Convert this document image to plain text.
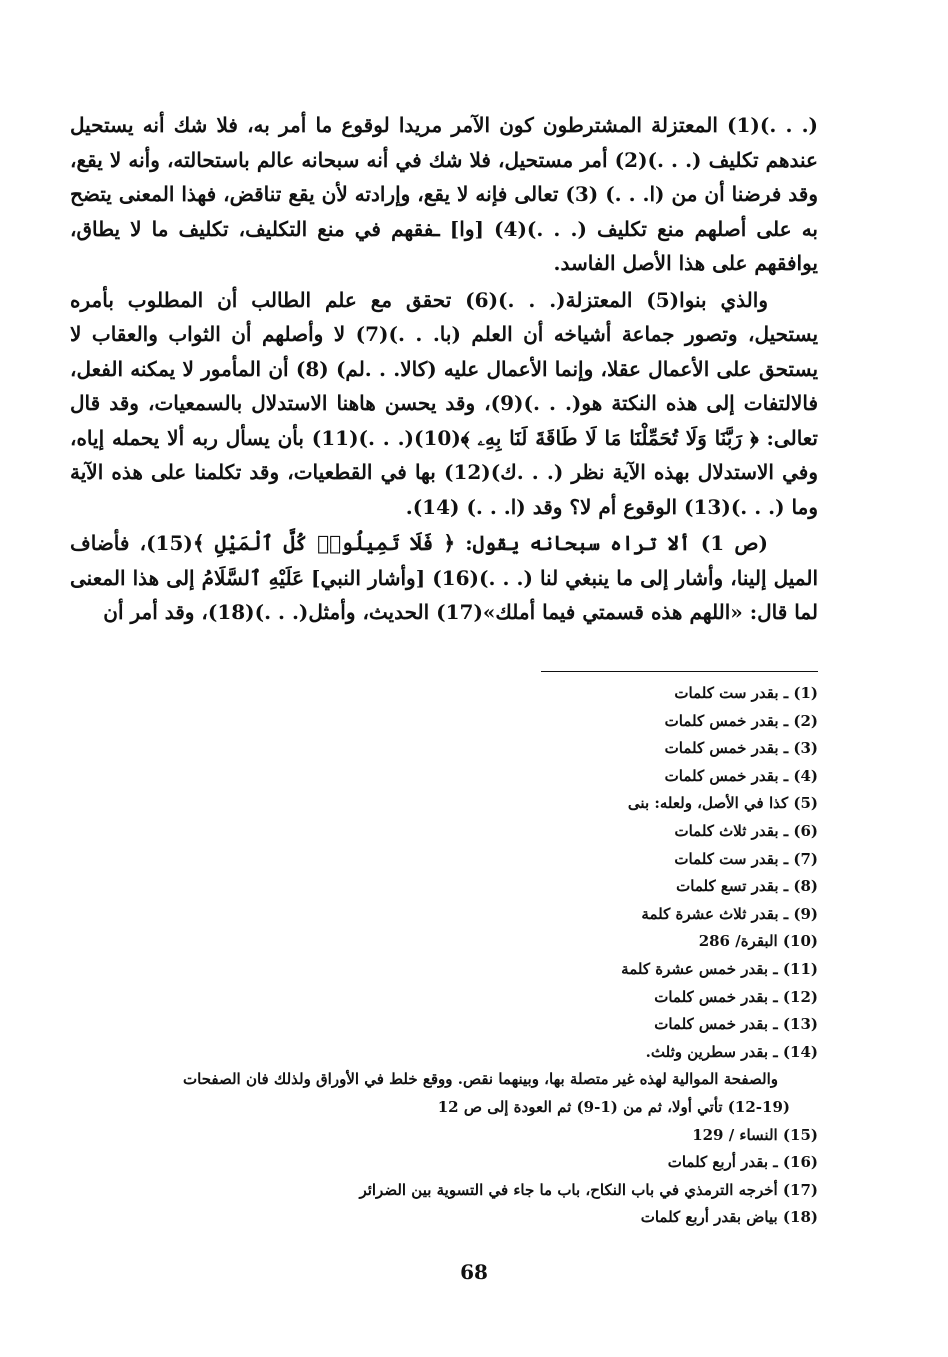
(. . .)(1) المعتزلة المشترطون كون الآمر مريدا لوقوع ما أمر به، فلا شك أنه يستحيل عندهم تكليف (. . .)(2) أمر مستحيل، فلا شك في أنه سبحانه عالم باستحالته، وأنه لا يقع، وقد فرضنا أن من (ا. . .) (3) تعالى فإنه لا يقع، وإرادته لأن يقع تناقض، فهذا المعنى يتضح به على أصلهم منع تكليف (. . .)(4) [وا] ـفقهم في منع التكليف، تكليف ما لا يطاق، يوافقهم على هذا الأصل الفاسد.

والذي بنوا(5) المعتزلة(. . .)(6) تحقق مع علم الطالب أن المطلوب بأمره يستحيل، وتصور جماعة أشياخه أن العلم (با. . .)(7) لا وأصلهم أن الثواب والعقاب لا يستحق على الأعمال عقلا، وإنما الأعمال عليه (كالا. . .لم) (8) أن المأمور لا يمكنه الفعل، فالالتفات إلى هذه النكتة هو(. . .)(9)، وقد يحسن هاهنا الاستدلال بالسمعيات، وقد قال تعالى: ﴿ رَبَّنَا وَلَا تُحَمِّلْنَا مَا لَا طَاقَةَ لَنَا بِهِۦ ﴾(10)(. . .)(11) بأن يسأل ربه ألا يحمله إياه، وفي الاستدلال بهذه الآية نظر (. . .ك)(12) بها في القطعيات، وقد تكلمنا على هذه الآية وما (. . .)(13) الوقوع أم لا؟ وقد (ا. . .) (14).

(ص 1) ألا تراه سبحانه يقول: ﴿ فَلَا تَمِيلُوا۟ كُلَّ ٱلْمَيْلِ ﴾(15)، فأضاف الميل إلينا، وأشار إلى ما ينبغي لنا (. . .)(16) [وأشار النبي] عَلَيْهِ ٱلسَّلَامُ إلى هذا المعنى لما قال: «اللهم هذه قسمتي فيما أملك»(17) الحديث، وأمثل(. . .)(18)، وقد أمر أن

(1) ـ بقدر ست كلمات
(2) ـ بقدر خمس كلمات
(3) ـ بقدر خمس كلمات
(4) ـ بقدر خمس كلمات
(5) كذا في الأصل، ولعله: بنى
(6) ـ بقدر ثلاث كلمات
(7) ـ بقدر ست كلمات
(8) ـ بقدر تسع كلمات
(9) ـ بقدر ثلاث عشرة كلمة
(10) البقرة/ 286
(11) ـ بقدر خمس عشرة كلمة
(12) ـ بقدر خمس كلمات
(13) ـ بقدر خمس كلمات
(14) ـ بقدر سطرين وثلث.
والصفحة الموالية لهذه غير متصلة بها، وبينهما نقص. ووقع خلط في الأوراق ولذلك فان الصفحات
(12-19) تأتي أولا، ثم من (1-9) ثم العودة إلى ص 12
(15) النساء / 129
(16) ـ بقدر أربع كلمات
(17) أخرجه الترمذي في باب النكاح، باب ما جاء في التسوية بين الضرائر
(18) بياض بقدر أربع كلمات
68
